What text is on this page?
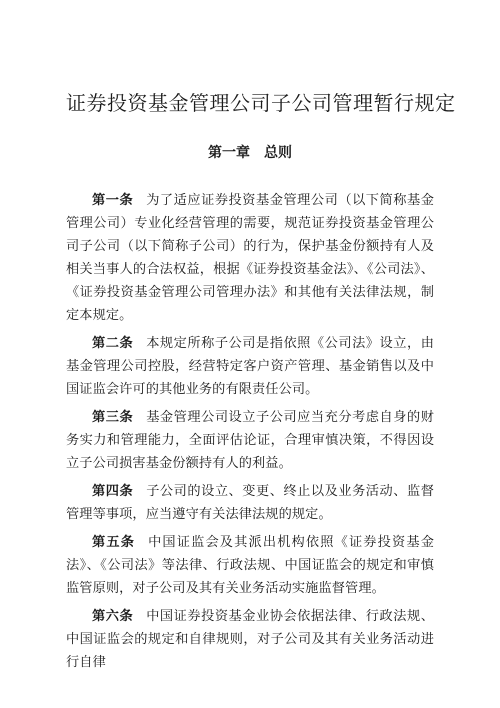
证券投资基金管理公司子公司管理暂行规定
第一章 总则

第一条 为了适应证券投资基金管理公司（以下简称基金管理公司）专业化经营管理的需要，规范证券投资基金管理公司子公司（以下简称子公司）的行为，保护基金份额持有人及相关当事人的合法权益，根据《证券投资基金法》、《公司法》、《证券投资基金管理公司管理办法》和其他有关法律法规，制定本规定。

第二条 本规定所称子公司是指依照《公司法》设立，由基金管理公司控股，经营特定客户资产管理、基金销售以及中国证监会许可的其他业务的有限责任公司。

第三条 基金管理公司设立子公司应当充分考虑自身的财务实力和管理能力，全面评估论证，合理审慎决策，不得因设立子公司损害基金份额持有人的利益。

第四条 子公司的设立、变更、终止以及业务活动、监督管理等事项，应当遵守有关法律法规的规定。

第五条 中国证监会及其派出机构依照《证券投资基金法》、《公司法》等法律、行政法规、中国证监会的规定和审慎监管原则，对子公司及其有关业务活动实施监督管理。

第六条 中国证券投资基金业协会依据法律、行政法规、中国证监会的规定和自律规则，对子公司及其有关业务活动进行自律
